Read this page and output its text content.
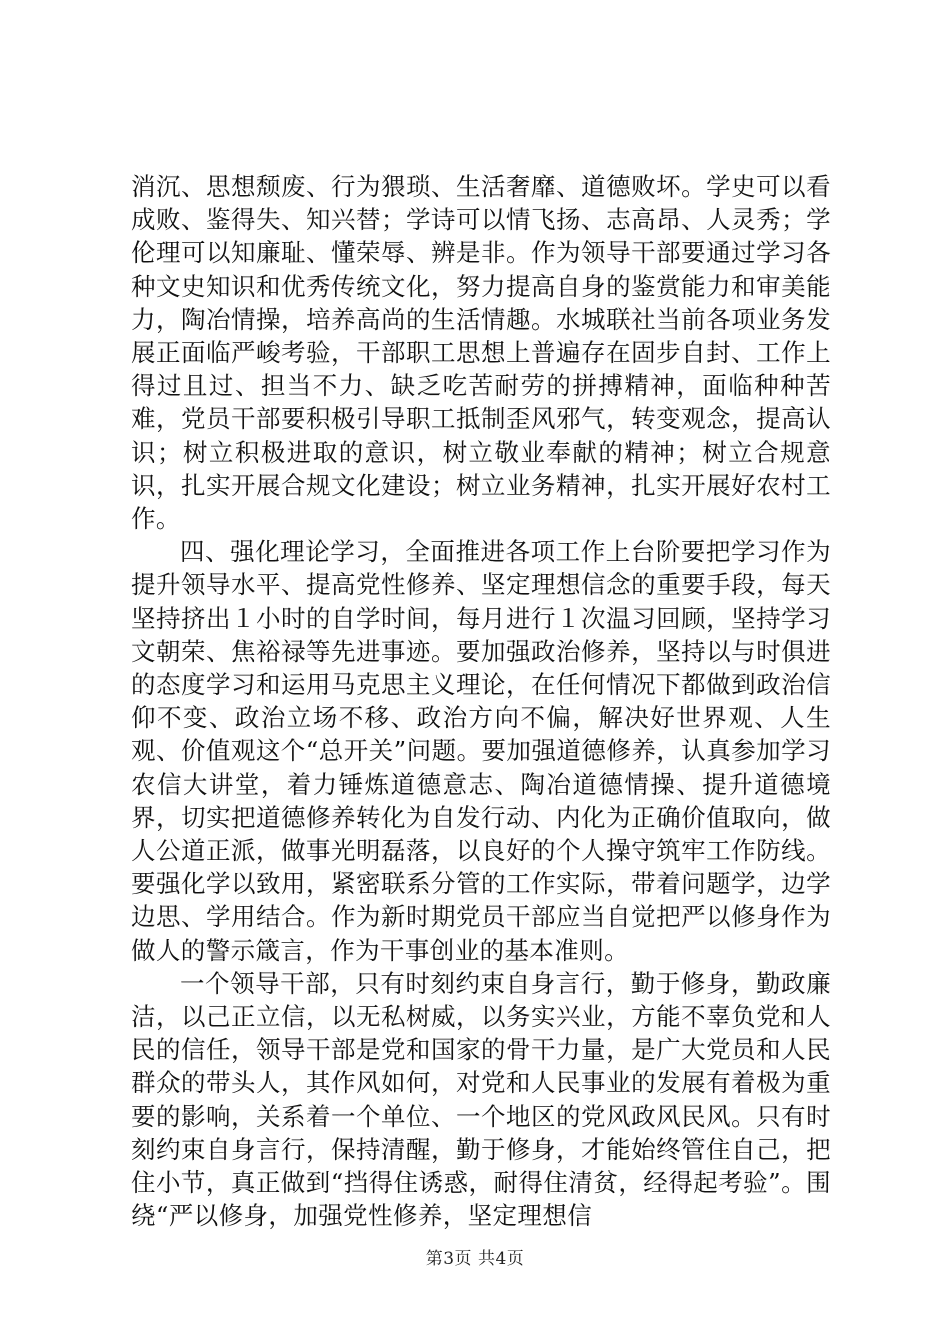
消沉、思想颓废、行为猥琐、生活奢靡、道德败坏。学史可以看成败、鉴得失、知兴替；学诗可以情飞扬、志高昂、人灵秀；学伦理可以知廉耻、懂荣辱、辨是非。作为领导干部要通过学习各种文史知识和优秀传统文化，努力提高自身的鉴赏能力和审美能力，陶冶情操，培养高尚的生活情趣。水城联社当前各项业务发展正面临严峻考验，干部职工思想上普遍存在固步自封、工作上得过且过、担当不力、缺乏吃苦耐劳的拼搏精神，面临种种苦难，党员干部要积极引导职工抵制歪风邪气，转变观念，提高认识；树立积极进取的意识，树立敬业奉献的精神；树立合规意识，扎实开展合规文化建设；树立业务精神，扎实开展好农村工作。

四、强化理论学习，全面推进各项工作上台阶要把学习作为提升领导水平、提高党性修养、坚定理想信念的重要手段，每天坚持挤出１小时的自学时间，每月进行１次温习回顾，坚持学习文朝荣、焦裕禄等先进事迹。要加强政治修养，坚持以与时俱进的态度学习和运用马克思主义理论，在任何情况下都做到政治信仰不变、政治立场不移、政治方向不偏，解决好世界观、人生观、价值观这个“总开关”问题。要加强道德修养，认真参加学习农信大讲堂，着力锤炼道德意志、陶冶道德情操、提升道德境界，切实把道德修养转化为自发行动、内化为正确价值取向，做人公道正派，做事光明磊落，以良好的个人操守筑牢工作防线。要强化学以致用，紧密联系分管的工作实际，带着问题学，边学边思、学用结合。作为新时期党员干部应当自觉把严以修身作为做人的警示箴言，作为干事创业的基本准则。

一个领导干部，只有时刻约束自身言行，勤于修身，勤政廉洁，以己正立信，以无私树威，以务实兴业，方能不辜负党和人民的信任，领导干部是党和国家的骨干力量，是广大党员和人民群众的带头人，其作风如何，对党和人民事业的发展有着极为重要的影响，关系着一个单位、一个地区的党风政风民风。只有时刻约束自身言行，保持清醒，勤于修身，才能始终管住自己，把住小节，真正做到“挡得住诱惑，耐得住清贫，经得起考验”。围绕“严以修身，加强党性修养，坚定理想信

第3页 共4页
